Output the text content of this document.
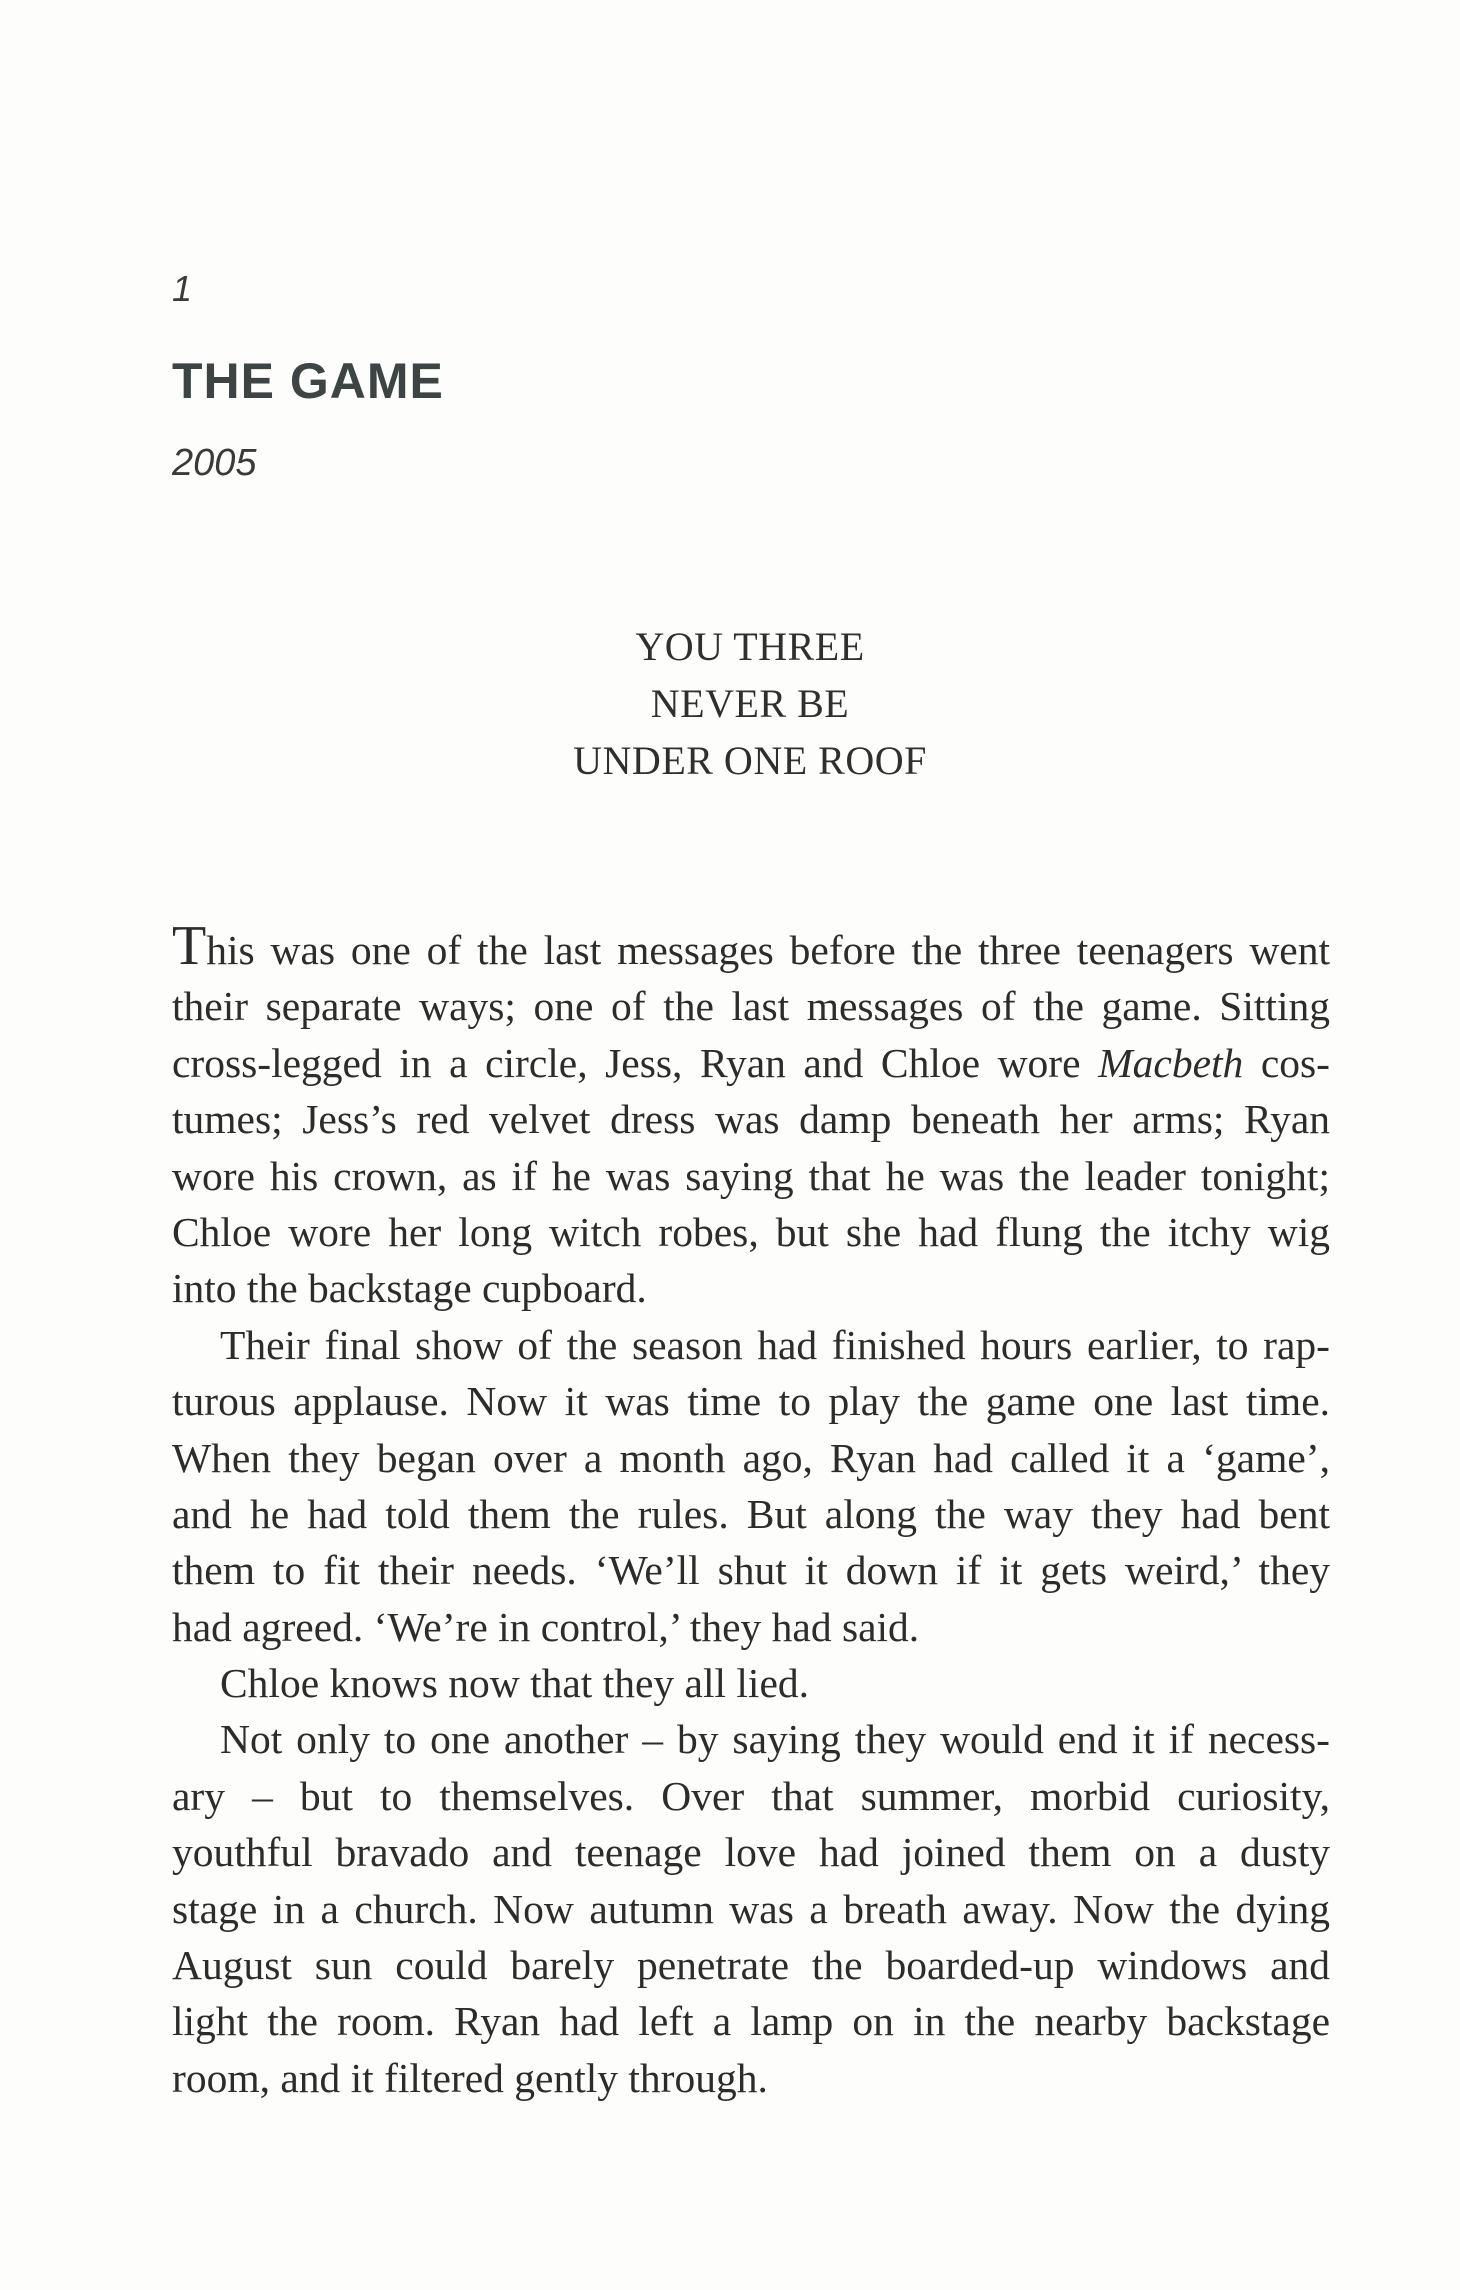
1
THE GAME
2005
YOU THREE
NEVER BE
UNDER ONE ROOF
This was one of the last messages before the three teenagers went
their separate ways; one of the last messages of the game. Sitting
cross-legged in a circle, Jess, Ryan and Chloe wore Macbeth cos-
tumes; Jess’s red velvet dress was damp beneath her arms; Ryan
wore his crown, as if he was saying that he was the leader tonight;
Chloe wore her long witch robes, but she had flung the itchy wig
into the backstage cupboard.
Their final show of the season had finished hours earlier, to rap-
turous applause. Now it was time to play the game one last time.
When they began over a month ago, Ryan had called it a ‘game’,
and he had told them the rules. But along the way they had bent
them to fit their needs. ‘We’ll shut it down if it gets weird,’ they
had agreed. ‘We’re in control,’ they had said.
Chloe knows now that they all lied.
Not only to one another – by saying they would end it if necess-
ary – but to themselves. Over that summer, morbid curiosity,
youthful bravado and teenage love had joined them on a dusty
stage in a church. Now autumn was a breath away. Now the dying
August sun could barely penetrate the boarded-up windows and
light the room. Ryan had left a lamp on in the nearby backstage
room, and it filtered gently through.
